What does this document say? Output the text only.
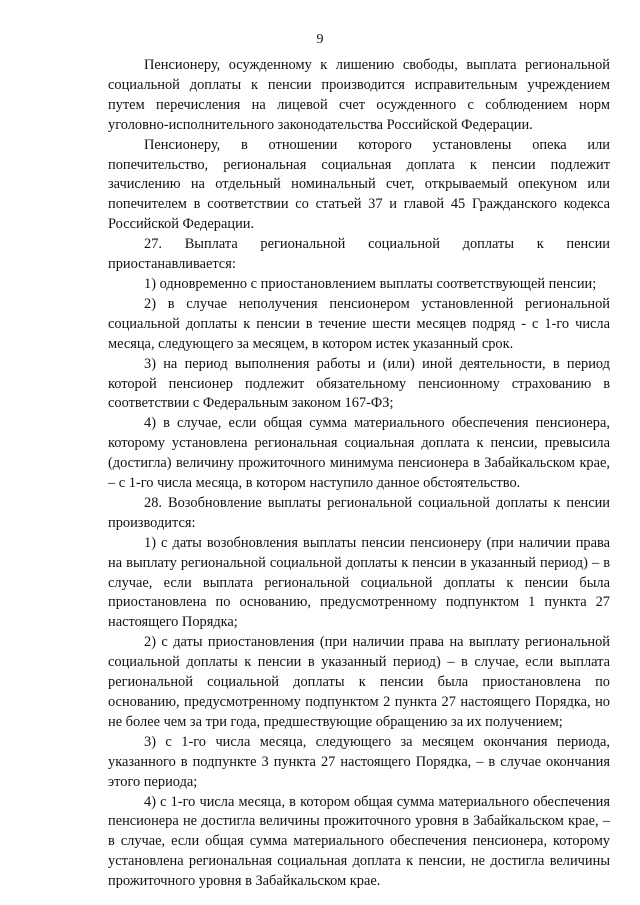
9

Пенсионеру, осужденному к лишению свободы, выплата региональной социальной доплаты к пенсии производится исправительным учреждением путем перечисления на лицевой счет осужденного с соблюдением норм уголовно-исполнительного законодательства Российской Федерации.

Пенсионеру, в отношении которого установлены опека или попечительство, региональная социальная доплата к пенсии подлежит зачислению на отдельный номинальный счет, открываемый опекуном или попечителем в соответствии со статьей 37 и главой 45 Гражданского кодекса Российской Федерации.

27. Выплата региональной социальной доплаты к пенсии приостанавливается:

1) одновременно с приостановлением выплаты соответствующей пенсии;

2) в случае неполучения пенсионером установленной региональной социальной доплаты к пенсии в течение шести месяцев подряд - с 1-го числа месяца, следующего за месяцем, в котором истек указанный срок.

3) на период выполнения работы и (или) иной деятельности, в период которой пенсионер подлежит обязательному пенсионному страхованию в соответствии с Федеральным законом 167-ФЗ;

4) в случае, если общая сумма материального обеспечения пенсионера, которому установлена региональная социальная доплата к пенсии, превысила (достигла) величину прожиточного минимума пенсионера в Забайкальском крае, – с 1-го числа месяца, в котором наступило данное обстоятельство.

28. Возобновление выплаты региональной социальной доплаты к пенсии производится:

1) с даты возобновления выплаты пенсии пенсионеру (при наличии права на выплату региональной социальной доплаты к пенсии в указанный период) – в случае, если выплата региональной социальной доплаты к пенсии была приостановлена по основанию, предусмотренному подпунктом 1 пункта 27 настоящего Порядка;

2) с даты приостановления (при наличии права на выплату региональной социальной доплаты к пенсии в указанный период) – в случае, если выплата региональной социальной доплаты к пенсии была приостановлена по основанию, предусмотренному подпунктом 2 пункта 27 настоящего Порядка, но не более чем за три года, предшествующие обращению за их получением;

3) с 1-го числа месяца, следующего за месяцем окончания периода, указанного в подпункте 3 пункта 27 настоящего Порядка, – в случае окончания этого периода;

4) с 1-го числа месяца, в котором общая сумма материального обеспечения пенсионера не достигла величины прожиточного уровня в Забайкальском крае, – в случае, если общая сумма материального обеспечения пенсионера, которому установлена региональная социальная доплата к пенсии, не достигла величины прожиточного уровня в Забайкальском крае.
